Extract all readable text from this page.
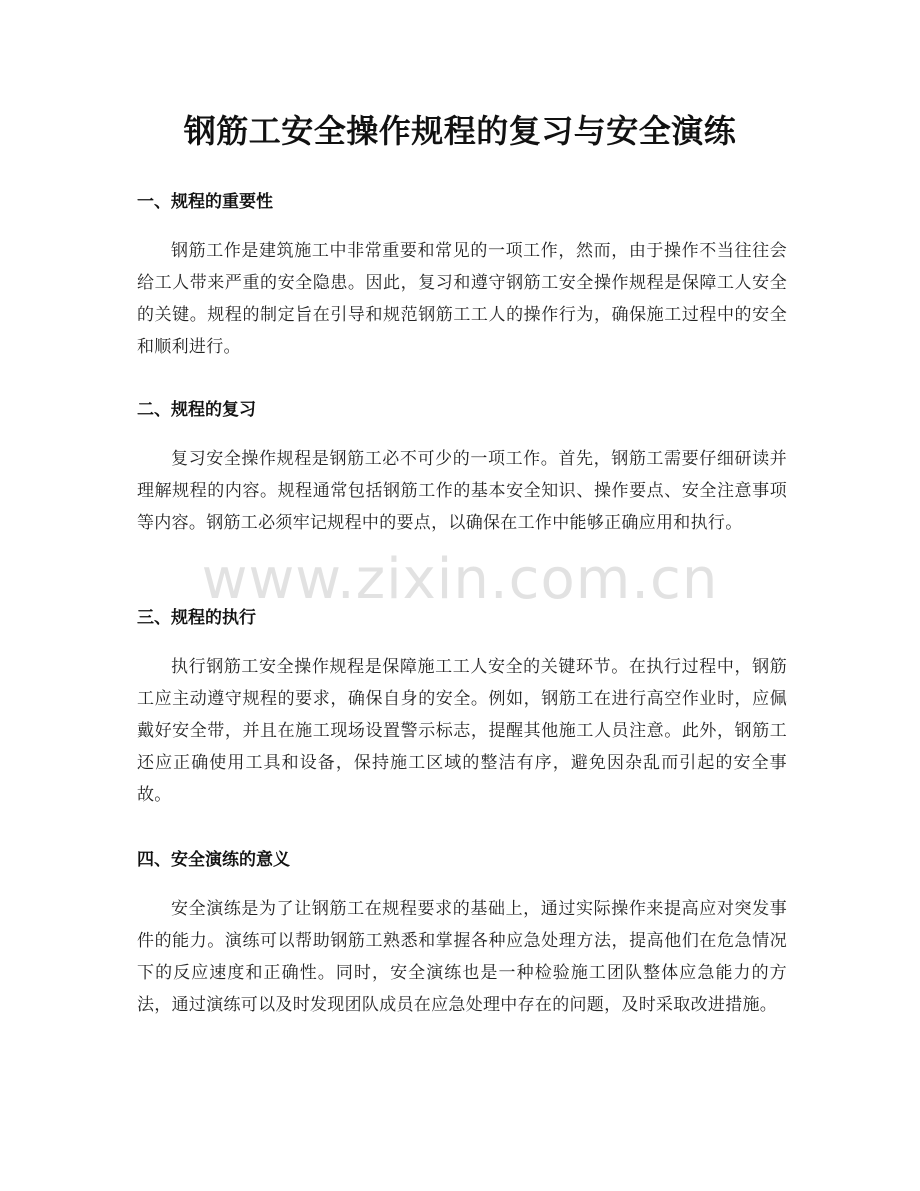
钢筋工安全操作规程的复习与安全演练
一、规程的重要性

钢筋工作是建筑施工中非常重要和常见的一项工作，然而，由于操作不当往往会给工人带来严重的安全隐患。因此，复习和遵守钢筋工安全操作规程是保障工人安全的关键。规程的制定旨在引导和规范钢筋工工人的操作行为，确保施工过程中的安全和顺利进行。

二、规程的复习

复习安全操作规程是钢筋工必不可少的一项工作。首先，钢筋工需要仔细研读并理解规程的内容。规程通常包括钢筋工作的基本安全知识、操作要点、安全注意事项等内容。钢筋工必须牢记规程中的要点，以确保在工作中能够正确应用和执行。

三、规程的执行

执行钢筋工安全操作规程是保障施工工人安全的关键环节。在执行过程中，钢筋工应主动遵守规程的要求，确保自身的安全。例如，钢筋工在进行高空作业时，应佩戴好安全带，并且在施工现场设置警示标志，提醒其他施工人员注意。此外，钢筋工还应正确使用工具和设备，保持施工区域的整洁有序，避免因杂乱而引起的安全事故。

四、安全演练的意义

安全演练是为了让钢筋工在规程要求的基础上，通过实际操作来提高应对突发事件的能力。演练可以帮助钢筋工熟悉和掌握各种应急处理方法，提高他们在危急情况下的反应速度和正确性。同时，安全演练也是一种检验施工团队整体应急能力的方法，通过演练可以及时发现团队成员在应急处理中存在的问题，及时采取改进措施。

www.zixin.com.cn
